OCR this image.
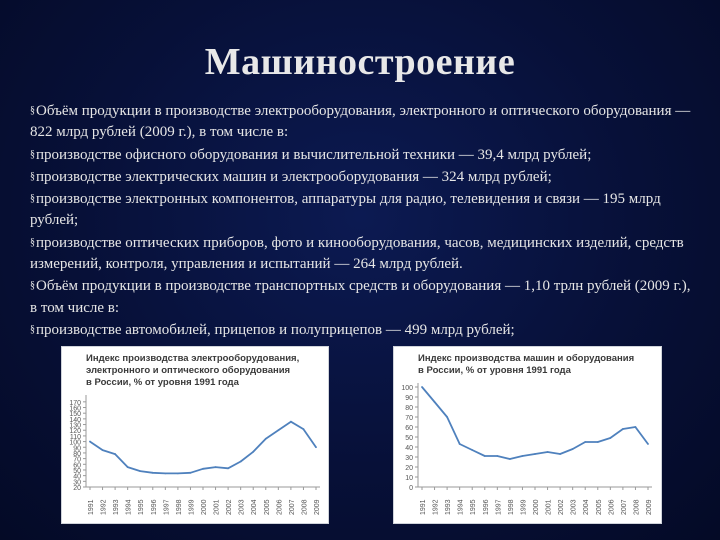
Машиностроение

§Объём продукции в производстве электрооборудования, электронного и оптического оборудования — 822 млрд рублей (2009 г.), в том числе в:

§производстве офисного оборудования и вычислительной техники — 39,4 млрд рублей;

§производстве электрических машин и электрооборудования — 324 млрд рублей;

§производстве электронных компонентов, аппаратуры для радио, телевидения и связи — 195 млрд рублей;

§производстве оптических приборов, фото и кинооборудования, часов, медицинских изделий, средств измерений, контроля, управления и испытаний — 264 млрд рублей.

§Объём продукции в производстве транспортных средств и оборудования — 1,10 трлн рублей (2009 г.), в том числе в:

§производстве автомобилей, прицепов и полуприцепов — 499 млрд рублей;

Индекс производства электрооборудования,
электронного и оптического оборудования
в России, % от уровня 1991 года
20
30
40
50
60
70
80
90
100
110
120
130
140
150
160
170
1991 1992 1993 1994 1995 1996 1997 1998 1999 2000 2001 2002 2003 2004 2005 2006 2007 2008 2009
Индекс производства машин и оборудования
в России, % от уровня 1991 года
0
10
20
30
40
50
60
70
80
90
100
1991 1992 1993 1994 1995 1996 1997 1998 1999 2000 2001 2002 2003 2004 2005 2006 2007 2008 2009
